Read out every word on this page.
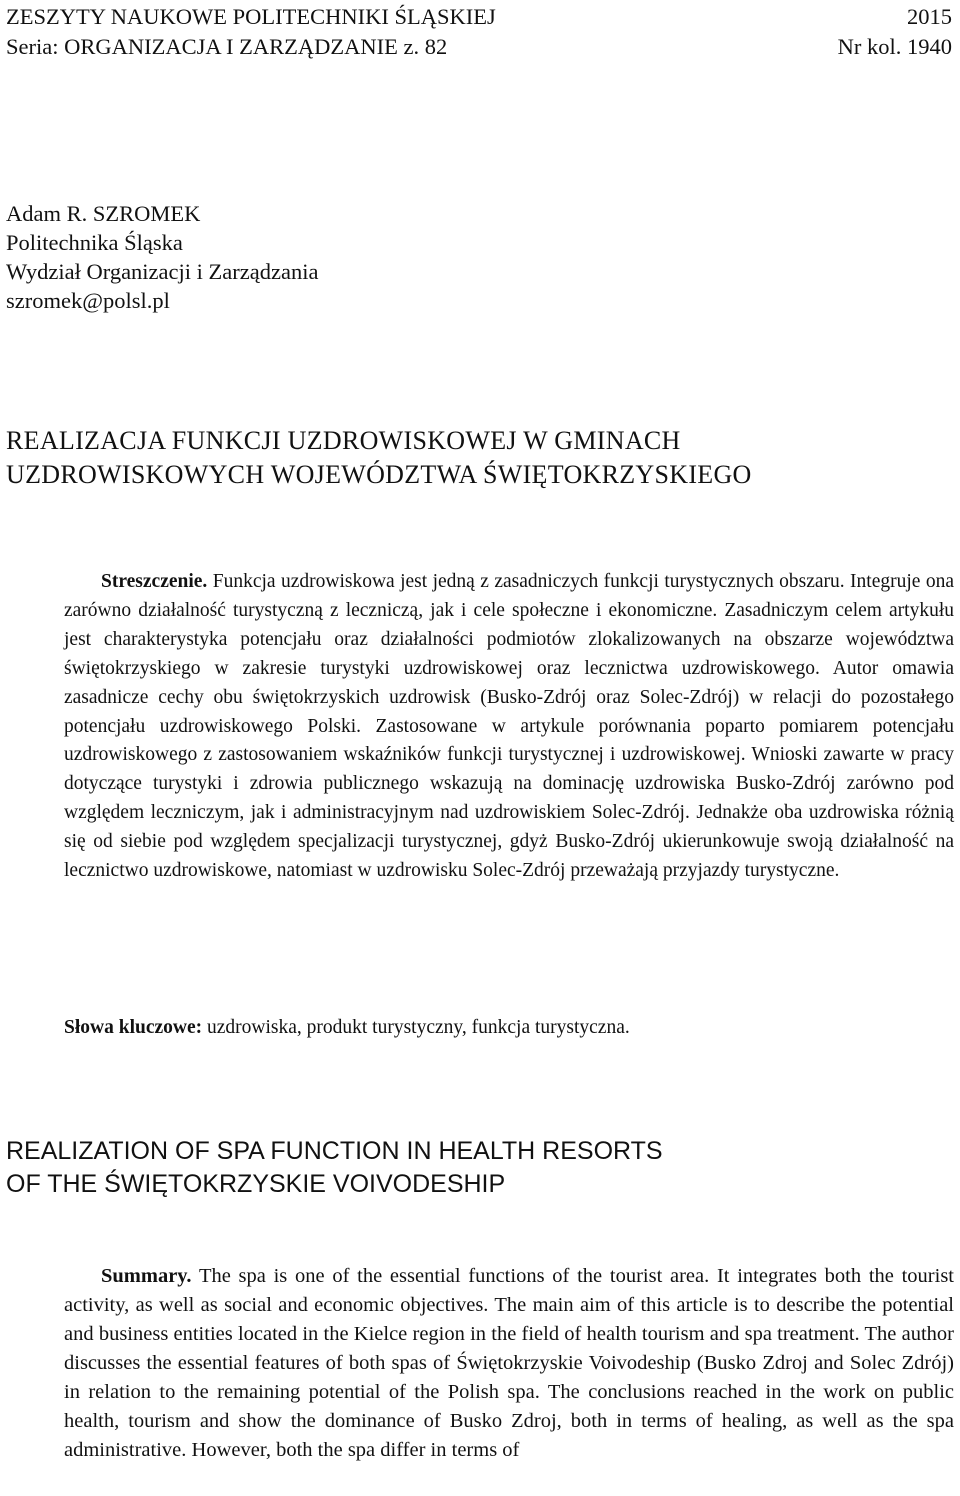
ZESZYTY NAUKOWE POLITECHNIKI ŚLĄSKIEJ	2015
Seria: ORGANIZACJA I ZARZĄDZANIE z. 82	Nr kol. 1940
Adam R. SZROMEK
Politechnika Śląska
Wydział Organizacji i Zarządzania
szromek@polsl.pl
REALIZACJA FUNKCJI UZDROWISKOWEJ W GMINACH
UZDROWISKOWYCH WOJEWÓDZTWA ŚWIĘTOKRZYSKIEGO

Streszczenie. Funkcja uzdrowiskowa jest jedną z zasadniczych funkcji turystycznych obszaru. Integruje ona zarówno działalność turystyczną z leczniczą, jak i cele społeczne i ekonomiczne. Zasadniczym celem artykułu jest charakterystyka potencjału oraz działalności podmiotów zlokalizowanych na obszarze województwa świętokrzyskiego w zakresie turystyki uzdrowiskowej oraz lecznictwa uzdrowiskowego. Autor omawia zasadnicze cechy obu świętokrzyskich uzdrowisk (Busko-Zdrój oraz Solec-Zdrój) w relacji do pozostałego potencjału uzdrowiskowego Polski. Zastosowane w artykule porównania poparto pomiarem potencjału uzdrowiskowego z zastosowaniem wskaźników funkcji turystycznej i uzdrowiskowej. Wnioski zawarte w pracy dotyczące turystyki i zdrowia publicznego wskazują na dominację uzdrowiska Busko-Zdrój zarówno pod względem leczniczym, jak i administracyjnym nad uzdrowiskiem Solec-Zdrój. Jednakże oba uzdrowiska różnią się od siebie pod względem specjalizacji turystycznej, gdyż Busko-Zdrój ukierunkowuje swoją działalność na lecznictwo uzdrowiskowe, natomiast w uzdrowisku Solec-Zdrój przeważają przyjazdy turystyczne.

Słowa kluczowe: uzdrowiska, produkt turystyczny, funkcja turystyczna.
REALIZATION OF SPA FUNCTION IN HEALTH RESORTS
OF THE ŚWIĘTOKRZYSKIE VOIVODESHIP

Summary. The spa is one of the essential functions of the tourist area. It integrates both the tourist activity, as well as social and economic objectives. The main aim of this article is to describe the potential and business entities located in the Kielce region in the field of health tourism and spa treatment. The author discusses the essential features of both spas of Świętokrzyskie Voivodeship (Busko Zdroj and Solec Zdrój) in relation to the remaining potential of the Polish spa. The conclusions reached in the work on public health, tourism and show the dominance of Busko Zdroj, both in terms of healing, as well as the spa administrative. However, both the spa differ in terms of
